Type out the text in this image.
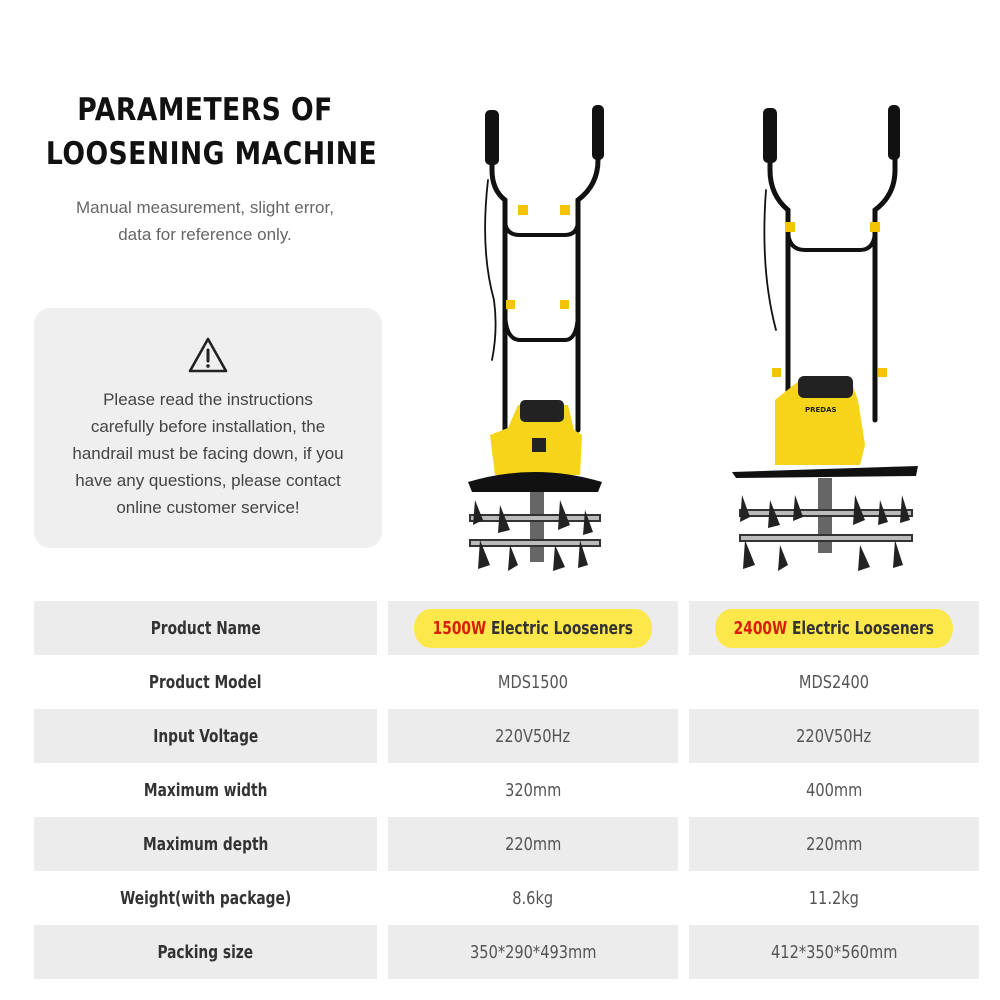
PARAMETERS OF
LOOSENING MACHINE
Manual measurement, slight error,
data for reference only.
Please read the instructions
carefully before installation, the
handrail must be facing down, if you
have any questions, please contact
online customer service!
PREDAS
Product Name	1500W Electric Looseners	2400W Electric Looseners
Product Model	MDS1500	MDS2400
Input Voltage	220V50Hz	220V50Hz
Maximum width	320mm	400mm
Maximum depth	220mm	220mm
Weight(with package)	8.6kg	11.2kg
Packing size	350*290*493mm	412*350*560mm
